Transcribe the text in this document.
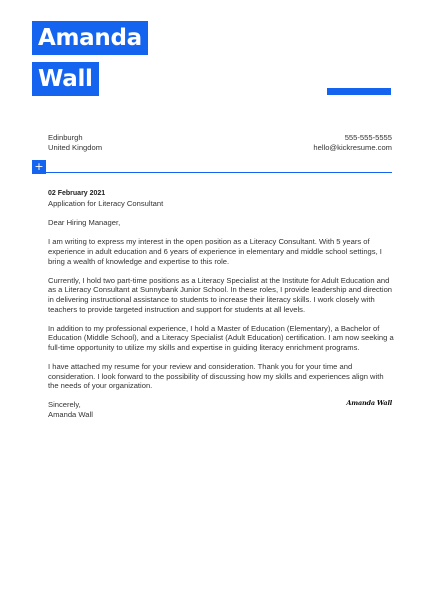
Amanda
Wall
Edinburgh
United Kingdom
555-555-5555
hello@kickresume.com
+
02 February 2021
Application for Literacy Consultant
Dear Hiring Manager,

I am writing to express my interest in the open position as a Literacy Consultant. With 5 years of experience in adult education and 6 years of experience in elementary and middle school settings, I bring a wealth of knowledge and expertise to this role.

Currently, I hold two part-time positions as a Literacy Specialist at the Institute for Adult Education and as a Literacy Consultant at Sunnybank Junior School. In these roles, I provide leadership and direction in delivering instructional assistance to students to increase their literacy skills. I work closely with teachers to provide targeted instruction and support for students at all levels.

In addition to my professional experience, I hold a Master of Education (Elementary), a Bachelor of Education (Middle School), and a Literacy Specialist (Adult Education) certification. I am now seeking a full-time opportunity to utilize my skills and expertise in guiding literacy enrichment programs.

I have attached my resume for your review and consideration. Thank you for your time and consideration. I look forward to the possibility of discussing how my skills and experiences align with the needs of your organization.

Sincerely,
Amanda Wall
Amanda Wall
